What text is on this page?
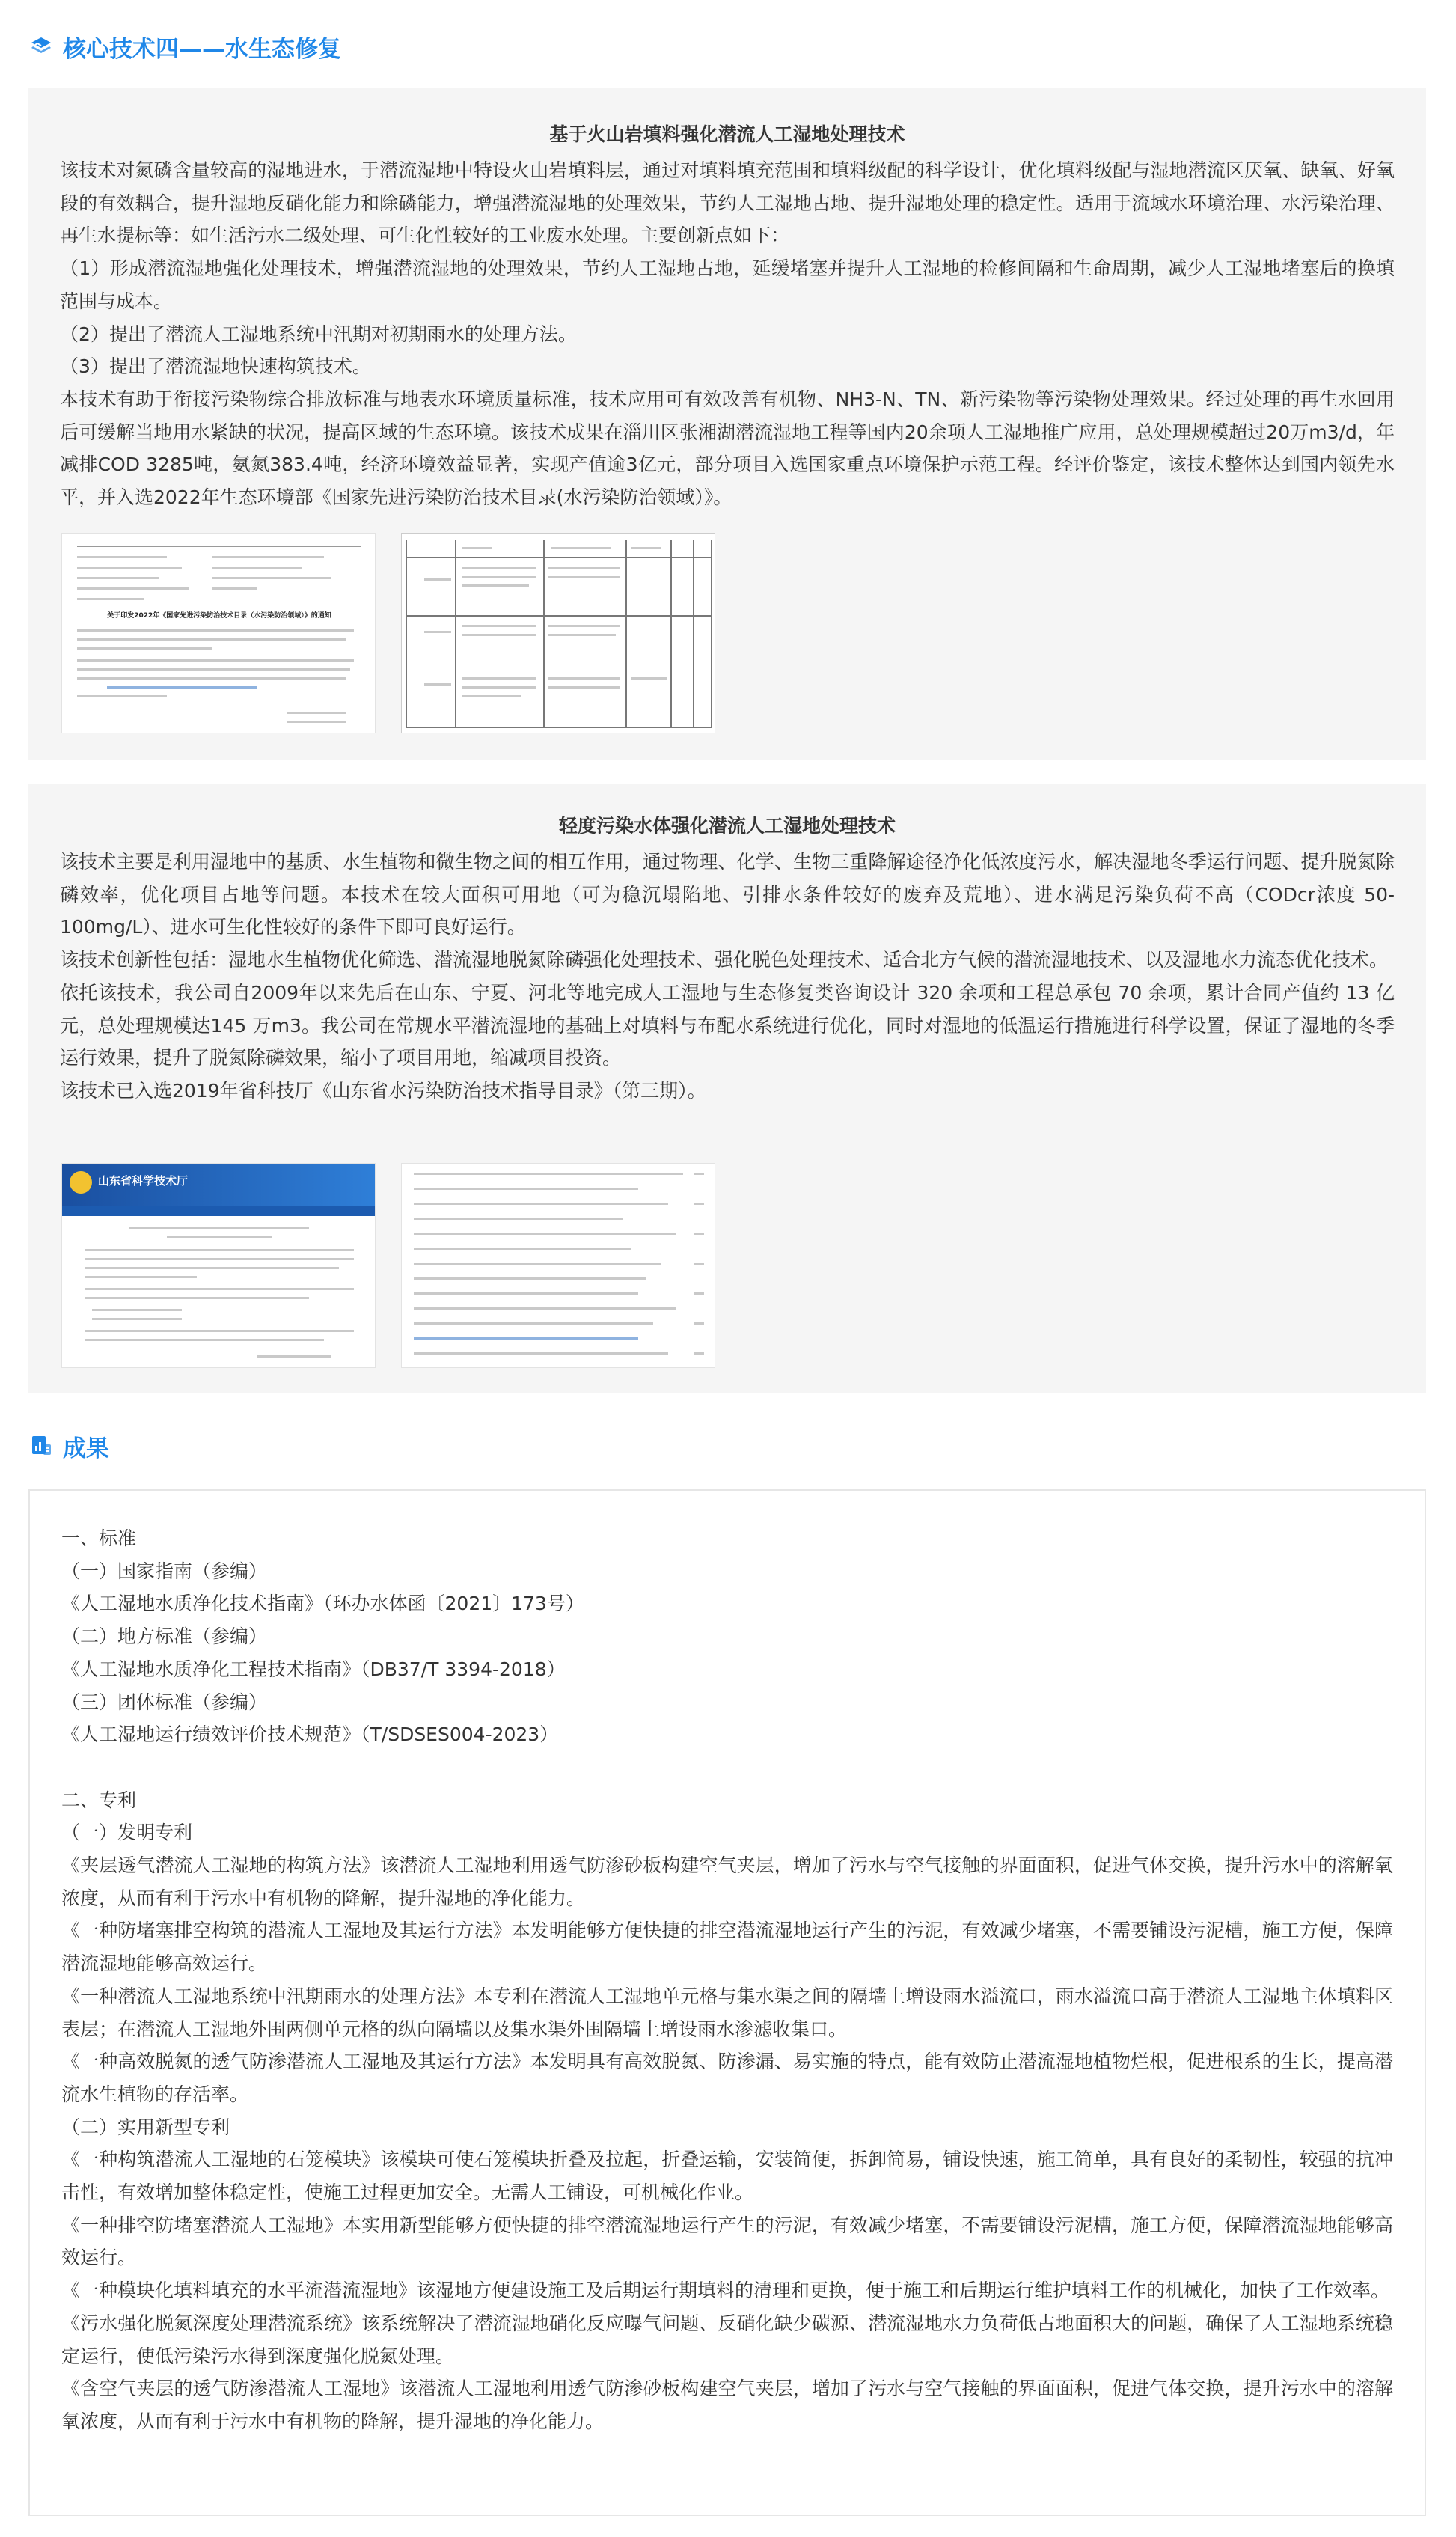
核心技术四——水生态修复
基于火山岩填料强化潜流人工湿地处理技术

该技术对氮磷含量较高的湿地进水，于潜流湿地中特设火山岩填料层，通过对填料填充范围和填料级配的科学设计，优化填料级配与湿地潜流区厌氧、缺氧、好氧段的有效耦合，提升湿地反硝化能力和除磷能力，增强潜流湿地的处理效果，节约人工湿地占地、提升湿地处理的稳定性。适用于流域水环境治理、水污染治理、再生水提标等：如生活污水二级处理、可生化性较好的工业废水处理。主要创新点如下：

（1）形成潜流湿地强化处理技术，增强潜流湿地的处理效果，节约人工湿地占地，延缓堵塞并提升人工湿地的检修间隔和生命周期，减少人工湿地堵塞后的换填范围与成本。

（2）提出了潜流人工湿地系统中汛期对初期雨水的处理方法。

（3）提出了潜流湿地快速构筑技术。

本技术有助于衔接污染物综合排放标准与地表水环境质量标准，技术应用可有效改善有机物、NH3-N、TN、新污染物等污染物处理效果。经过处理的再生水回用后可缓解当地用水紧缺的状况，提高区域的生态环境。该技术成果在淄川区张湘湖潜流湿地工程等国内20余项人工湿地推广应用，总处理规模超过20万m3/d，年减排COD 3285吨，氨氮383.4吨，经济环境效益显著，实现产值逾3亿元，部分项目入选国家重点环境保护示范工程。经评价鉴定，该技术整体达到国内领先水平，并入选2022年生态环境部《国家先进污染防治技术目录(水污染防治领域）》。

关于印发2022年《国家先进污染防治技术目录（水污染防治领域）》的通知
轻度污染水体强化潜流人工湿地处理技术

该技术主要是利用湿地中的基质、水生植物和微生物之间的相互作用，通过物理、化学、生物三重降解途径净化低浓度污水，解决湿地冬季运行问题、提升脱氮除磷效率，优化项目占地等问题。本技术在较大面积可用地（可为稳沉塌陷地、引排水条件较好的废弃及荒地）、进水满足污染负荷不高（CODcr浓度 50-100mg/L）、进水可生化性较好的条件下即可良好运行。

该技术创新性包括：湿地水生植物优化筛选、潜流湿地脱氮除磷强化处理技术、强化脱色处理技术、适合北方气候的潜流湿地技术、以及湿地水力流态优化技术。

依托该技术，我公司自2009年以来先后在山东、宁夏、河北等地完成人工湿地与生态修复类咨询设计 320 余项和工程总承包 70 余项，累计合同产值约 13 亿元，总处理规模达145 万m3。我公司在常规水平潜流湿地的基础上对填料与布配水系统进行优化，同时对湿地的低温运行措施进行科学设置，保证了湿地的冬季运行效果，提升了脱氮除磷效果，缩小了项目用地，缩减项目投资。

该技术已入选2019年省科技厅《山东省水污染防治技术指导目录》（第三期）。

山东省科学技术厅
成果

一、标准

（一）国家指南（参编）

《人工湿地水质净化技术指南》（环办水体函〔2021〕173号）

（二）地方标准（参编）

《人工湿地水质净化工程技术指南》（DB37/T 3394-2018）

（三）团体标准（参编）

《人工湿地运行绩效评价技术规范》（T/SDSES004-2023）

二、专利

（一）发明专利

《夹层透气潜流人工湿地的构筑方法》该潜流人工湿地利用透气防渗砂板构建空气夹层，增加了污水与空气接触的界面面积，促进气体交换，提升污水中的溶解氧浓度，从而有利于污水中有机物的降解，提升湿地的净化能力。

《一种防堵塞排空构筑的潜流人工湿地及其运行方法》本发明能够方便快捷的排空潜流湿地运行产生的污泥，有效减少堵塞，不需要铺设污泥槽，施工方便，保障潜流湿地能够高效运行。

《一种潜流人工湿地系统中汛期雨水的处理方法》本专利在潜流人工湿地单元格与集水渠之间的隔墙上增设雨水溢流口，雨水溢流口高于潜流人工湿地主体填料区表层；在潜流人工湿地外围两侧单元格的纵向隔墙以及集水渠外围隔墙上增设雨水渗滤收集口。

《一种高效脱氮的透气防渗潜流人工湿地及其运行方法》本发明具有高效脱氮、防渗漏、易实施的特点，能有效防止潜流湿地植物烂根，促进根系的生长，提高潜流水生植物的存活率。

（二）实用新型专利

《一种构筑潜流人工湿地的石笼模块》该模块可使石笼模块折叠及拉起，折叠运输，安装简便，拆卸简易，铺设快速，施工简单，具有良好的柔韧性，较强的抗冲击性，有效增加整体稳定性，使施工过程更加安全。无需人工铺设，可机械化作业。

《一种排空防堵塞潜流人工湿地》本实用新型能够方便快捷的排空潜流湿地运行产生的污泥，有效减少堵塞，不需要铺设污泥槽，施工方便，保障潜流湿地能够高效运行。

《一种模块化填料填充的水平流潜流湿地》该湿地方便建设施工及后期运行期填料的清理和更换，便于施工和后期运行维护填料工作的机械化，加快了工作效率。

《污水强化脱氮深度处理潜流系统》该系统解决了潜流湿地硝化反应曝气问题、反硝化缺少碳源、潜流湿地水力负荷低占地面积大的问题，确保了人工湿地系统稳定运行，使低污染污水得到深度强化脱氮处理。

《含空气夹层的透气防渗潜流人工湿地》该潜流人工湿地利用透气防渗砂板构建空气夹层，增加了污水与空气接触的界面面积，促进气体交换，提升污水中的溶解氧浓度，从而有利于污水中有机物的降解，提升湿地的净化能力。
